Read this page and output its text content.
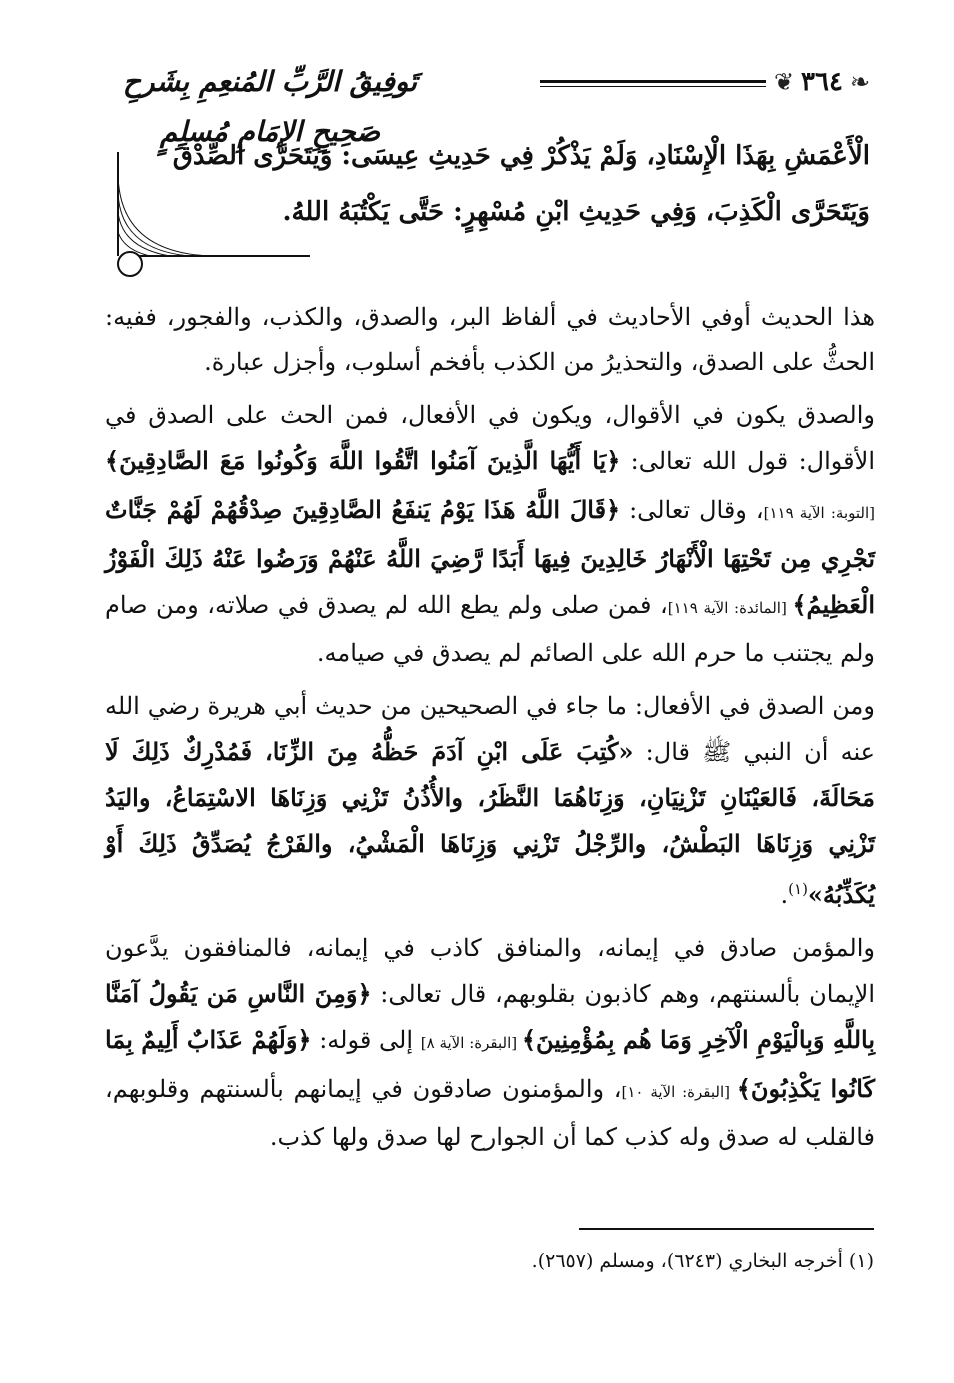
❦ ٣٦٤ ❧
تَوفِيقُ الرَّبِّ المُنعِمِ بِشَرحِ صَحِيحِ الإمَامِ مُسلِمٍ

الْأَعْمَشِ بِهَذَا الْإِسْنَادِ، وَلَمْ يَذْكُرْ فِي حَدِيثِ عِيسَى: وَيَتَحَرَّى الصِّدْقَ

وَيَتَحَرَّى الْكَذِبَ، وَفِي حَدِيثِ ابْنِ مُسْهِرٍ: حَتَّى يَكْتُبَهُ اللهُ.

هذا الحديث أوفي الأحاديث في ألفاظ البر، والصدق، والكذب، والفجور، ففيه: الحثُّ على الصدق، والتحذيرُ من الكذب بأفخم أسلوب، وأجزل عبارة.

والصدق يكون في الأقوال، ويكون في الأفعال، فمن الحث على الصدق في الأقوال: قول الله تعالى: ﴿يَا أَيُّهَا الَّذِينَ آمَنُوا اتَّقُوا اللَّهَ وَكُونُوا مَعَ الصَّادِقِينَ﴾ [التوبة: الآية ١١٩]، وقال تعالى: ﴿قَالَ اللَّهُ هَذَا يَوْمُ يَنفَعُ الصَّادِقِينَ صِدْقُهُمْ لَهُمْ جَنَّاتٌ تَجْرِي مِن تَحْتِهَا الْأَنْهَارُ خَالِدِينَ فِيهَا أَبَدًا رَّضِيَ اللَّهُ عَنْهُمْ وَرَضُوا عَنْهُ ذَلِكَ الْفَوْزُ الْعَظِيمُ﴾ [المائدة: الآية ١١٩]، فمن صلى ولم يطع الله لم يصدق في صلاته، ومن صام ولم يجتنب ما حرم الله على الصائم لم يصدق في صيامه.

ومن الصدق في الأفعال: ما جاء في الصحيحين من حديث أبي هريرة رضي الله عنه أن النبي ﷺ قال: «كُتِبَ عَلَى ابْنِ آدَمَ حَظُّهُ مِنَ الزِّنَا، فَمُدْرِكٌ ذَلِكَ لَا مَحَالَةَ، فَالعَيْنَانِ تَزْنِيَانِ، وَزِنَاهُمَا النَّظَرُ، والأُذُنُ تَزْنِي وَزِنَاهَا الاسْتِمَاعُ، واليَدُ تَزْنِي وَزِنَاهَا البَطْشُ، والرِّجْلُ تَزْنِي وَزِنَاهَا الْمَشْيُ، والفَرْجُ يُصَدِّقُ ذَلِكَ أَوْ يُكَذِّبُهُ»$^{(١)}$.

والمؤمن صادق في إيمانه، والمنافق كاذب في إيمانه، فالمنافقون يدَّعون الإيمان بألسنتهم، وهم كاذبون بقلوبهم، قال تعالى: ﴿وَمِنَ النَّاسِ مَن يَقُولُ آمَنَّا بِاللَّهِ وَبِالْيَوْمِ الْآخِرِ وَمَا هُم بِمُؤْمِنِينَ﴾ [البقرة: الآية ٨] إلى قوله: ﴿وَلَهُمْ عَذَابٌ أَلِيمٌ بِمَا كَانُوا يَكْذِبُونَ﴾ [البقرة: الآية ١٠]، والمؤمنون صادقون في إيمانهم بألسنتهم وقلوبهم، فالقلب له صدق وله كذب كما أن الجوارح لها صدق ولها كذب.

(١) أخرجه البخاري (٦٢٤٣)، ومسلم (٢٦٥٧).
